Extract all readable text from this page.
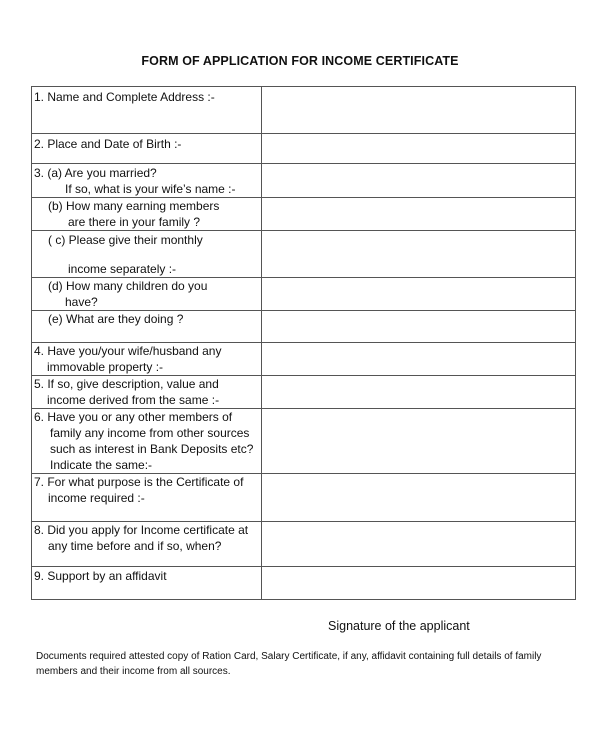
FORM OF APPLICATION FOR INCOME CERTIFICATE
1. Name and Complete Address :-	

2. Place and Date of Birth :-	

3. (a) Are you married?
If so, what is your wife’s name :-	

(b) How many earning members
are there in your family ?	

( c) Please give their monthly
income separately :-	

(d) How many children do you
have?	

(e) What are they doing ?	

4. Have you/your wife/husband any
immovable property :-	

5. If so, give description, value and
income derived from the same :-	

6. Have you or any other members of
family any income from other sources
such as interest in Bank Deposits etc?
Indicate the same:-	

7. For what purpose is the Certificate of
income required :-	

8. Did you apply for Income certificate at
any time before and if so, when?	

9. Support by an affidavit	

Signature of the applicant
Documents required attested copy of Ration Card, Salary Certificate, if any, affidavit containing full details of family
members and their income from all sources.
